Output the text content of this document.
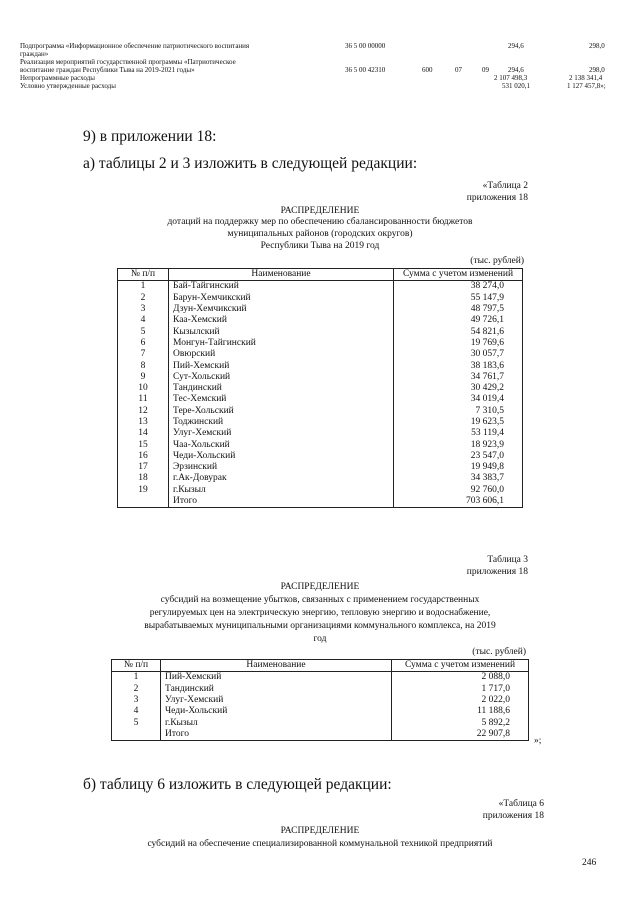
Подпрограмма «Информационное обеспечение патриотического воспитания	36 5 00 00000	294,6	298,0
граждан»
Реализация мероприятий государственной программы «Патриотическое
воспитание граждан Республики Тыва на 2019-2021 годы»	36 5 00 42310	600	07	09	294,6	298,0
Непрограммные расходы	2 107 498,3	2 138 341,4
Условно утвержденные расходы	531 020,1	1 127 457,8»;
9) в приложении 18:
а) таблицы 2 и 3 изложить в следующей редакции:
«Таблица 2
приложения 18
РАСПРЕДЕЛЕНИЕ
дотаций на поддержку мер по обеспечению сбалансированности бюджетов
муниципальных районов (городских округов)
Республики Тыва на 2019 год
(тыс. рублей)
№ п/п	Наименование	Сумма с учетом изменений
1	Бай-Тайгинский	38 274,0
2	Барун-Хемчикский	55 147,9
3	Дзун-Хемчикский	48 797,5
4	Каа-Хемский	49 726,1
5	Кызылский	54 821,6
6	Монгун-Тайгинский	19 769,6
7	Овюрский	30 057,7
8	Пий-Хемский	38 183,6
9	Сут-Хольский	34 761,7
10	Тандинский	30 429,2
11	Тес-Хемский	34 019,4
12	Тере-Хольский	7 310,5
13	Тоджинский	19 623,5
14	Улуг-Хемский	53 119,4
15	Чаа-Хольский	18 923,9
16	Чеди-Хольский	23 547,0
17	Эрзинский	19 949,8
18	г.Ак-Довурак	34 383,7
19	г.Кызыл	92 760,0
	Итого	703 606,1
Таблица 3
приложения 18
РАСПРЕДЕЛЕНИЕ
субсидий на возмещение убытков, связанных с применением государственных
регулируемых цен на электрическую энергию, тепловую энергию и водоснабжение,
вырабатываемых муниципальными организациями коммунального комплекса, на 2019
год
(тыс. рублей)
№ п/п	Наименование	Сумма с учетом изменений
1	Пий-Хемский	2 088,0
2	Тандинский	1 717,0
3	Улуг-Хемский	2 022,0
4	Чеди-Хольский	11 188,6
5	г.Кызыл	5 892,2
	Итого	22 907,8
»;
б) таблицу 6 изложить в следующей редакции:
«Таблица 6
приложения 18
РАСПРЕДЕЛЕНИЕ
субсидий на обеспечение специализированной коммунальной техникой предприятий
246
